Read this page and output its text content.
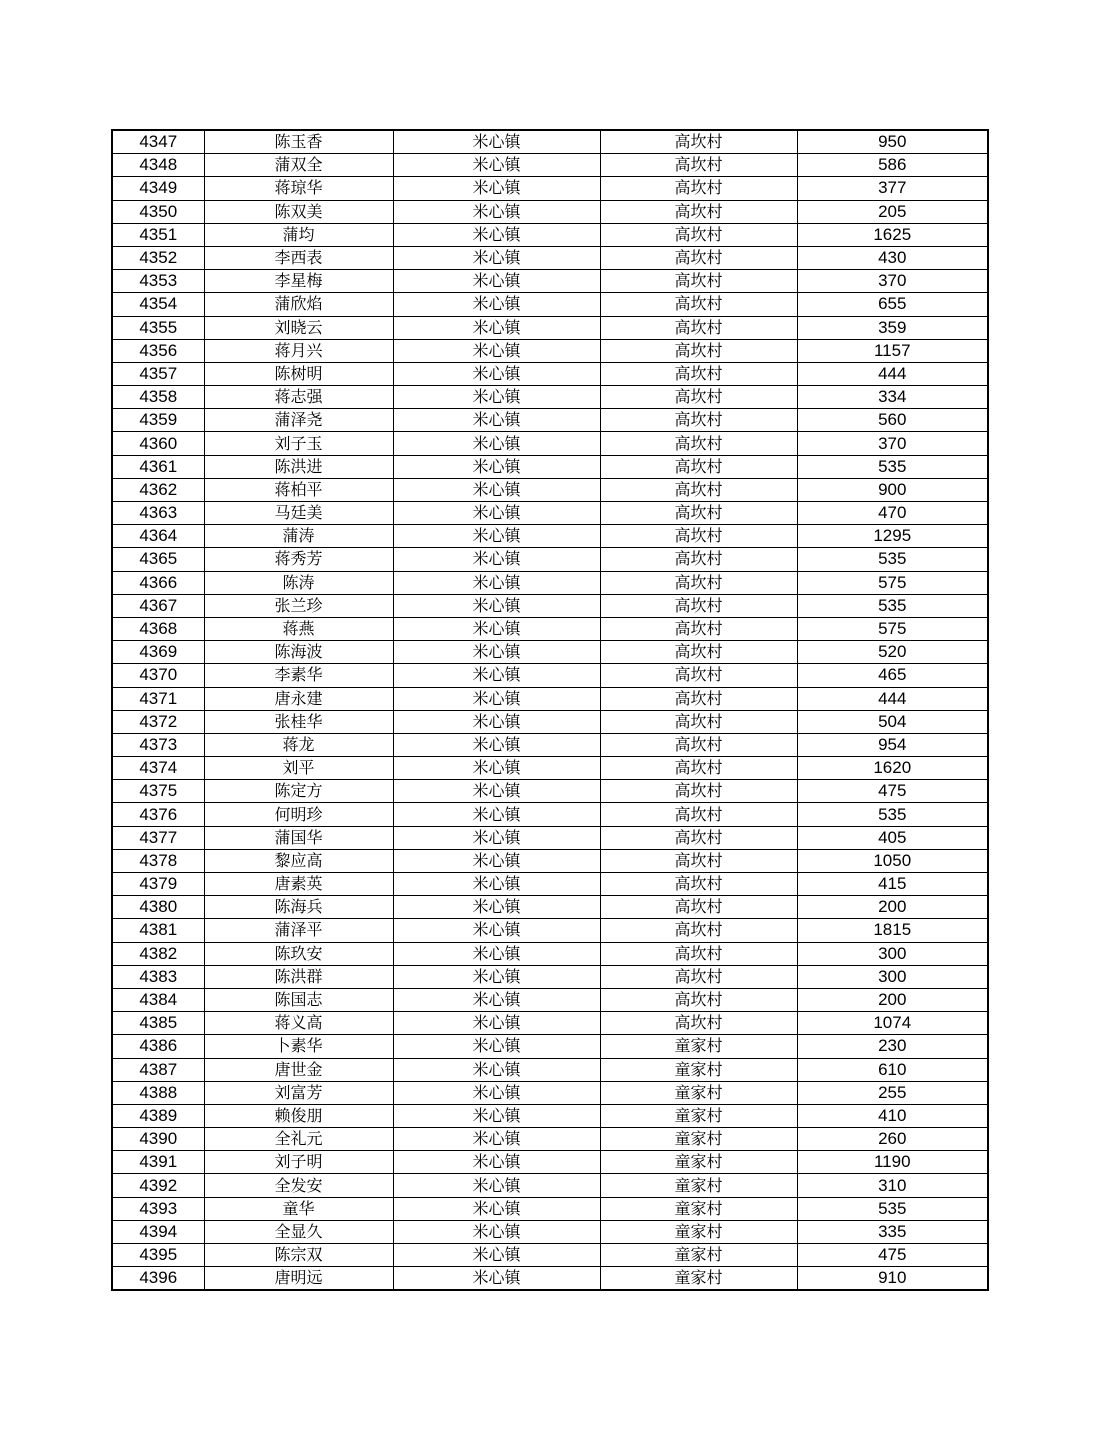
4347	陈玉香	米心镇	高坎村	950
4348	蒲双全	米心镇	高坎村	586
4349	蒋琼华	米心镇	高坎村	377
4350	陈双美	米心镇	高坎村	205
4351	蒲均	米心镇	高坎村	1625
4352	李西表	米心镇	高坎村	430
4353	李星梅	米心镇	高坎村	370
4354	蒲欣焰	米心镇	高坎村	655
4355	刘晓云	米心镇	高坎村	359
4356	蒋月兴	米心镇	高坎村	1157
4357	陈树明	米心镇	高坎村	444
4358	蒋志强	米心镇	高坎村	334
4359	蒲泽尧	米心镇	高坎村	560
4360	刘子玉	米心镇	高坎村	370
4361	陈洪进	米心镇	高坎村	535
4362	蒋柏平	米心镇	高坎村	900
4363	马廷美	米心镇	高坎村	470
4364	蒲涛	米心镇	高坎村	1295
4365	蒋秀芳	米心镇	高坎村	535
4366	陈涛	米心镇	高坎村	575
4367	张兰珍	米心镇	高坎村	535
4368	蒋燕	米心镇	高坎村	575
4369	陈海波	米心镇	高坎村	520
4370	李素华	米心镇	高坎村	465
4371	唐永建	米心镇	高坎村	444
4372	张桂华	米心镇	高坎村	504
4373	蒋龙	米心镇	高坎村	954
4374	刘平	米心镇	高坎村	1620
4375	陈定方	米心镇	高坎村	475
4376	何明珍	米心镇	高坎村	535
4377	蒲国华	米心镇	高坎村	405
4378	黎应高	米心镇	高坎村	1050
4379	唐素英	米心镇	高坎村	415
4380	陈海兵	米心镇	高坎村	200
4381	蒲泽平	米心镇	高坎村	1815
4382	陈玖安	米心镇	高坎村	300
4383	陈洪群	米心镇	高坎村	300
4384	陈国志	米心镇	高坎村	200
4385	蒋义高	米心镇	高坎村	1074
4386	卜素华	米心镇	童家村	230
4387	唐世金	米心镇	童家村	610
4388	刘富芳	米心镇	童家村	255
4389	赖俊朋	米心镇	童家村	410
4390	全礼元	米心镇	童家村	260
4391	刘子明	米心镇	童家村	1190
4392	全发安	米心镇	童家村	310
4393	童华	米心镇	童家村	535
4394	全显久	米心镇	童家村	335
4395	陈宗双	米心镇	童家村	475
4396	唐明远	米心镇	童家村	910
